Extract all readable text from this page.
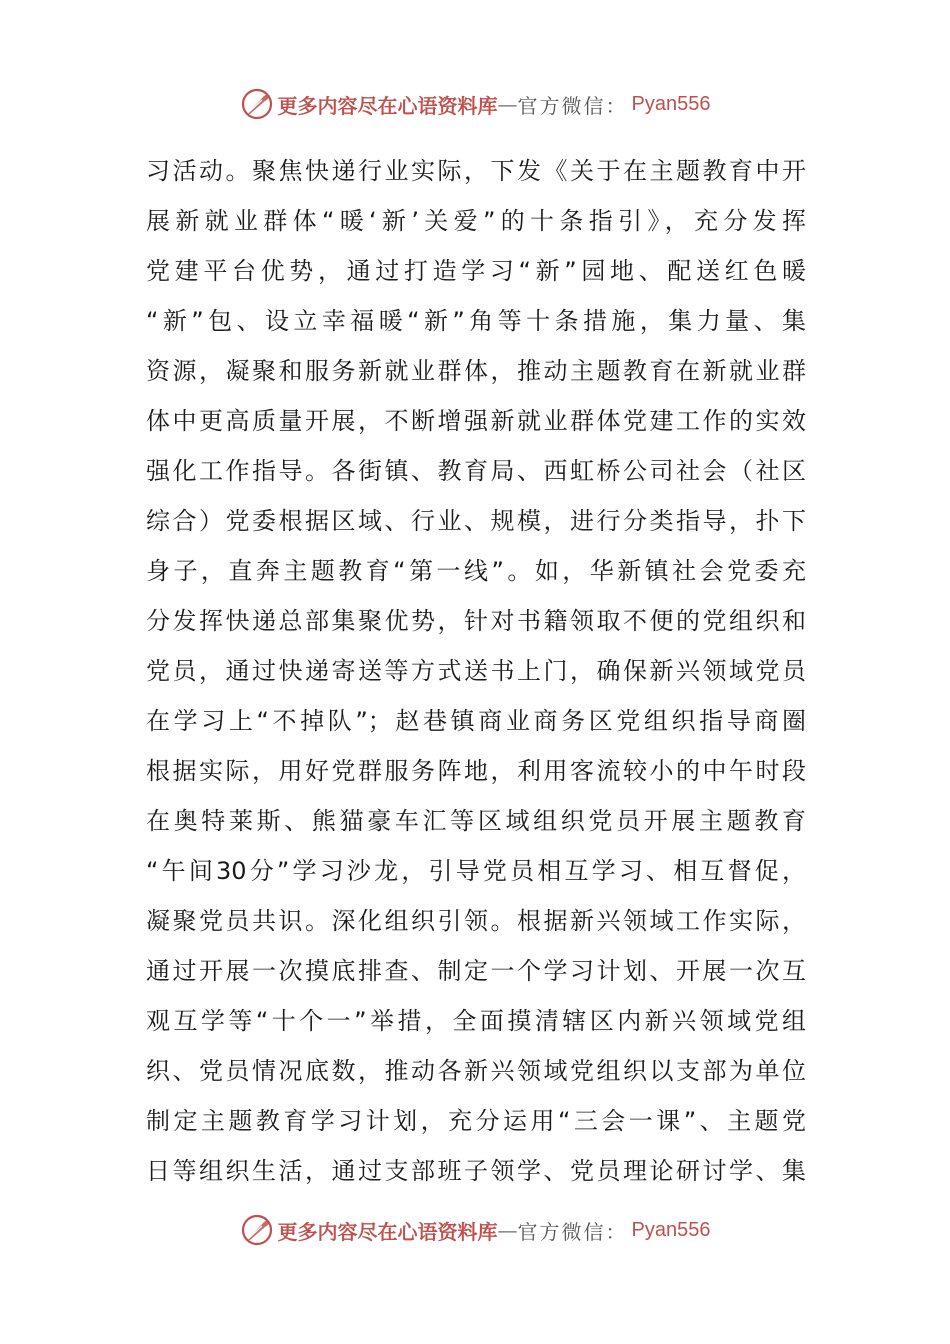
更多内容尽在心语资料库 — 官方微信： Pyan556
习活动。聚焦快递行业实际，下发《关于在主题教育中开
展新就业群体“暖‘新’关爱”的十条指引》，充分发挥
党建平台优势，通过打造学习“新”园地、配送红色暖
“新”包、设立幸福暖“新”角等十条措施，集力量、集
资源，凝聚和服务新就业群体，推动主题教育在新就业群
体中更高质量开展，不断增强新就业群体党建工作的实效
强化工作指导。各街镇、教育局、西虹桥公司社会（社区
综合）党委根据区域、行业、规模，进行分类指导，扑下
身子，直奔主题教育“第一线”。如，华新镇社会党委充
分发挥快递总部集聚优势，针对书籍领取不便的党组织和
党员，通过快递寄送等方式送书上门，确保新兴领域党员
在学习上“不掉队”；赵巷镇商业商务区党组织指导商圈
根据实际，用好党群服务阵地，利用客流较小的中午时段
在奥特莱斯、熊猫豪车汇等区域组织党员开展主题教育
“午间30分”学习沙龙，引导党员相互学习、相互督促，
凝聚党员共识。深化组织引领。根据新兴领域工作实际，
通过开展一次摸底排查、制定一个学习计划、开展一次互
观互学等“十个一”举措，全面摸清辖区内新兴领域党组
织、党员情况底数，推动各新兴领域党组织以支部为单位
制定主题教育学习计划，充分运用“三会一课”、主题党
日等组织生活，通过支部班子领学、党员理论研讨学、集
更多内容尽在心语资料库 — 官方微信： Pyan556
